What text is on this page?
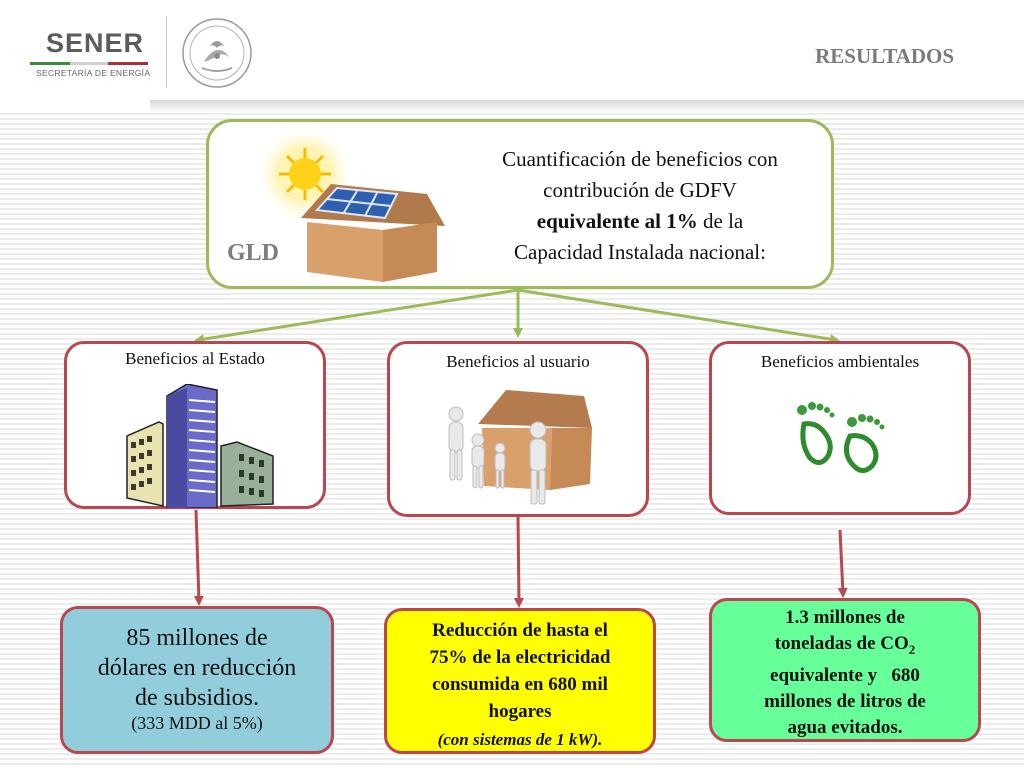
SENER
SECRETARÍA DE ENERGÍA
RESULTADOS
GLD
Cuantificación de beneficios con
contribución de GDFV
equivalente al 1% de la
Capacidad Instalada nacional:
Beneficios al Estado	Beneficios al usuario	Beneficios ambientales
85 millones de
dólares en reducción
de subsidios.
(333 MDD al 5%)
Reducción de hasta el
75% de la electricidad
consumida en 680 mil
hogares
(con sistemas de 1 kW).
1.3 millones de
toneladas de $CO_2$
equivalente y   680
millones de litros de
agua evitados.
